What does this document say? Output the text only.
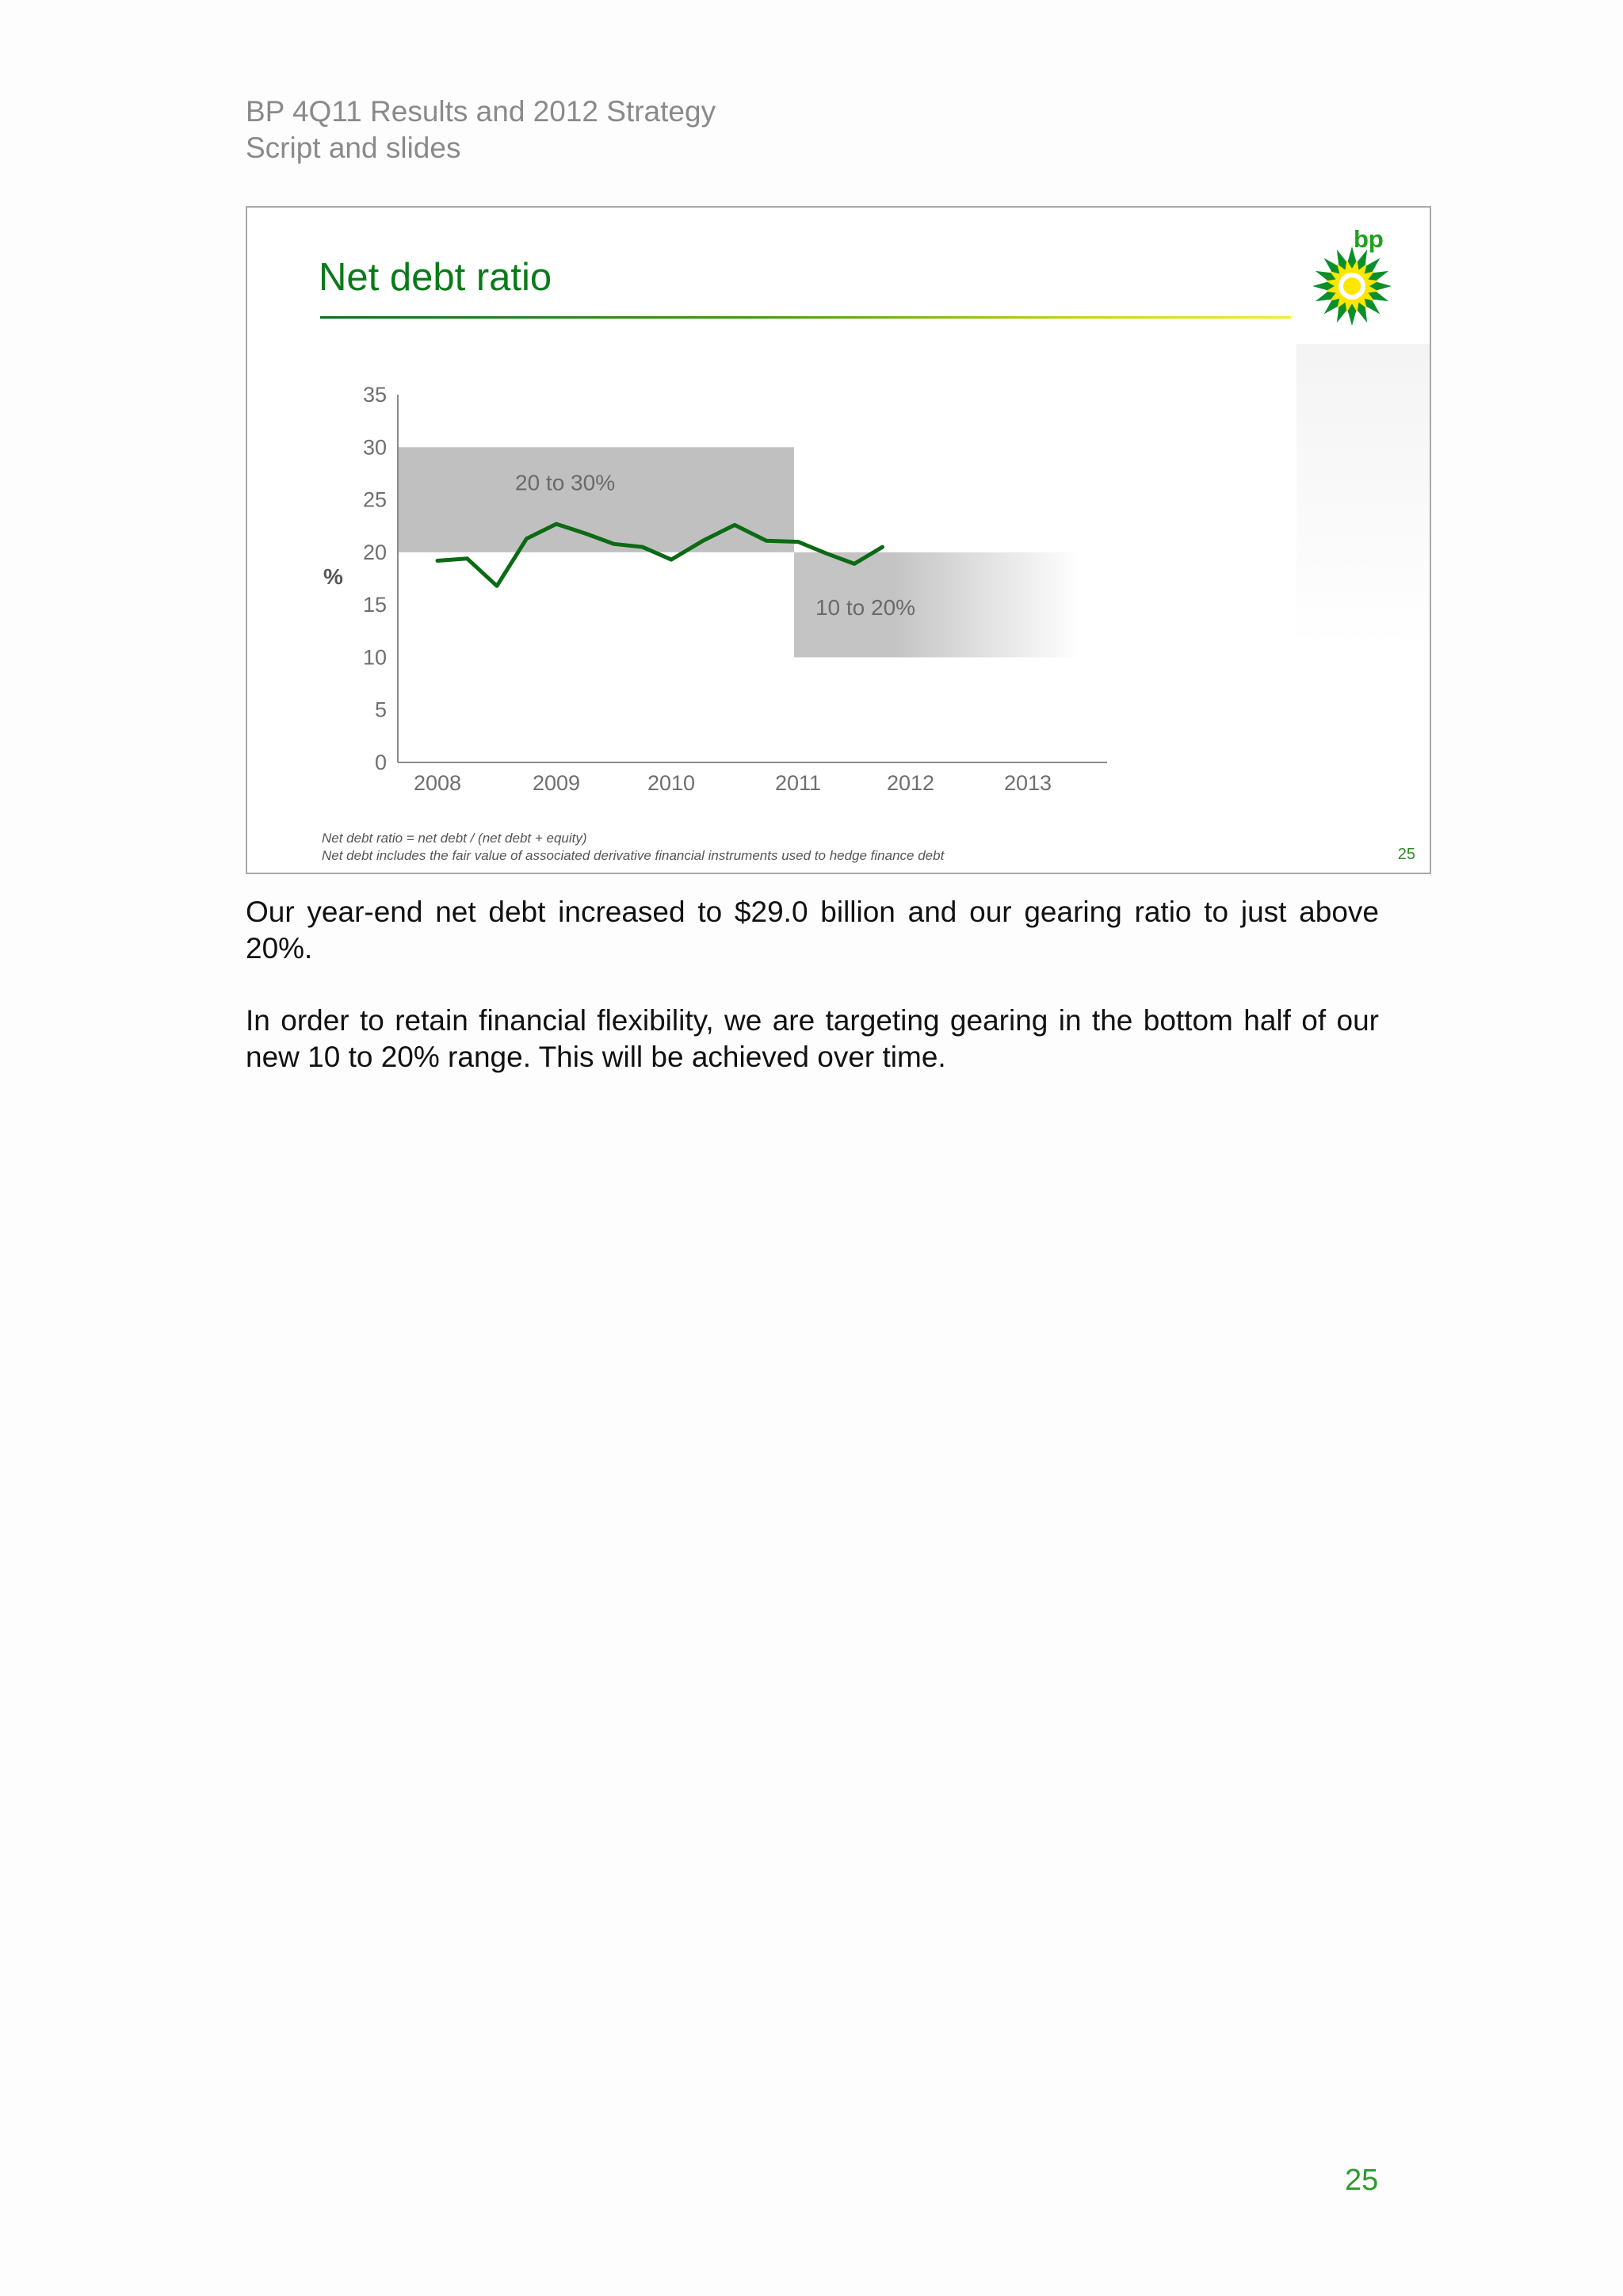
BP 4Q11 Results and 2012 Strategy
Script and slides
Net debt ratio
bp
0
5
10
15
20
25
30
35
2008	2009	2010	2011	2012	2013
20 to 30%
10 to 20%
%
Net debt ratio = net debt / (net debt + equity)
Net debt includes the fair value of associated derivative financial instruments used to hedge finance debt	25

Our year-end net debt increased to $29.0 billion and our gearing ratio to just above 20%.

In order to retain financial flexibility, we are targeting gearing in the bottom half of our new 10 to 20% range. This will be achieved over time.

25
